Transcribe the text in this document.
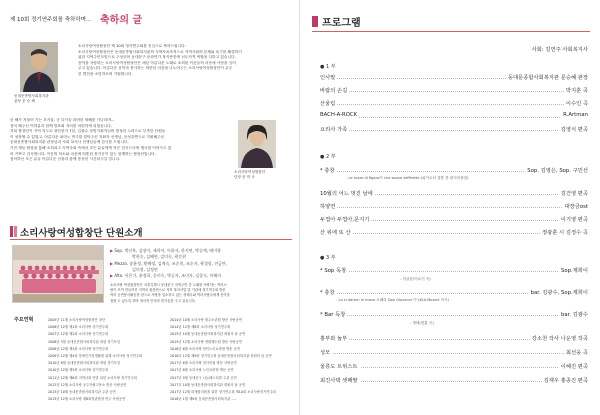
제 10회 정기연주회를 축하하며... 축하의 글
동대문종합사회복지관
관장 문 승 혜
소리사랑여성합창단 제 10회 정기연주회를 진심으로 축하드립니다.
소리사랑여성합창단은 동대문종합사회복지관의 지역자치조직으로 지역사회의 문제와 욕구를 해결하기
위한 지역주민모임으로 구성되어 동대문구 문화여가 복지증진에 선도자적 역할을 다하고 있습니다.
음악을 사랑하는 소리사랑여성합창단은 매년 아름다운 노래로 소외된 이웃들의 마음에 사랑을 심어
주고 있습니다. 아름다운 음악과 봉사하는 따뜻한 마음을 나누어주는 소리사랑여성합창단이 무궁
한 발전을 소망하오며 기원합니다.
한 해가 저물어 가는 초겨울, 곧 다가올 화려한 새해를 기다리며...
참석 해주신 여러분과 함께 발표회 자리를 마련하게 되었습니다.
저희 합창단이 지역 지도로 창단된지 7년, 김광수 상임지휘자님의 열정과 노력으로 부족한 단원들
이 성장할 수 있었고, 아름다운 피아노 반주를 맡아주신 지휘자 선생님, 음성강연으로 지원해주신
동대문종합사회복지관 관장님과 사회 복지사 선생님들께 감사를 드립니다.
가진 재능 합창을 통해 소외되고 지역사회 속에서 모든 분들에게 작은 감사드리며 행사를 이어가고 있
어 기쁘고 감사합니다. 이웃의 미소와 마음에 따뜻한 봄기운이 있는 함께하는 합창단입니다.
참석하신 모든 분들 아름다운 선물과 함께 풍성한 시간되시길 빕니다.
소리사랑여성합창단
단장 문 미 숙
소리사랑여성합창단 단원소개
▶ Sop. 박선옥, 김정이, 제희이, 이윤자, 한지연, 박승예, 배미향
박현숙, 김혜연, 김미숙, 곽순현
▶ Mezzo. 송윤정, 황혜정, 김계숙, 조순희, 조순자, 곽경림, 전금란,
김미정, 김정연
▶ Alto. 이은기, 윤정희, 문미숙, 박승자, 조미자, 김종숙, 이혜자
소리사랑 여성합창단은 서울특별시 동대문구 지역주민 중 노래를 사랑하는 여러시
람이 모여 만들어진 지역의 합창단으로 지역 복지사업 및 기관에 정기연주회 방문
여러 공연봉사활동을 함으로 사랑을 입소하고 있는 정체우와 여러사람들에게 음악을
접할 수 있도록 하며 정서적 안정과 즐거움을 주고 있습니다.
주요연혁	2005년 11월 소리사랑여성합창단 창단
2006년 12월 제1회 소리사랑 정기연주회
2007년 12월 제2회 소리사랑 정기연주회
2008년 3월 동대문종합사회복지관 회원 정기모임
2008년 12월 제3회 소리사랑 정기연주회
2009년 12월 제4회 장애인가정생활팀 위해 소리사랑 정기연주회
2010년 6월 동대문종합사회복지관 회원 정기모임
2010년 12월 제5회 소리사랑 정기연주회
2011년 12월 제6회 지역사회 연말 위한 소리사랑 정기연주회
2012년 12월 소리사랑 공주자립고용소 방문 사랑공연
2013년 10월 동대문종합사회복지관 주관 공연
2013년 12월 소리사랑 제8회정관합창 연주 사랑공연
2014년 10월 소리사랑 합주소년원 방문 사랑공연
2014년 12월 제8회 소리사랑 정기연주회
2015년 10월 동대문종합사회복지관 회원의 날 공연
2015년 12월 소리사랑 양평해수원 방문 사랑공연
2016년 6월 소리사랑 한덕노인요양원 방문 공연
2016년 12월 제9회 정기연주회 동대문종합사회복지관 회원의 날 공연
2017년 6월 소리사랑 천사의집 방문 사랑공연
2017년 8월 소리사랑 노인요양원 방문 공연
2017년 9월 동대문구 나눔페스티벌 주관 공연
2017년 10월 동대문종합사회복지관 회원의 날 공연
2017년 12월 화개합리원을 위한 정기연주회 제10회 소리사랑정기연주회
2018년 1월 제9회 동대문종합사회복지관 .....
프로그램
사회: 김연주 사회복지사
● 1 부
인사말	동대문종합사회복지관 문승혜 관장
바람의 손길	박지훈 곡
산울림	이수인 곡
BACH-A-ROCK	R.Artman
요리사 가족	김영식 편곡
● 2 부
* 충창	Sop. 김영은, Sop. 구민선
- Le rozze di figaro中 che soave zeffiretto (피가로의 결혼 중 편지의중창)
10월의 어느 멋진 날에	김건영 편곡
하양연	대장금ost
두껍아 두껍아,문지기	이기영 편곡
산 위에 또 산	정광훈 시 김정수 곡
● 3 부
* Sop 독창	Sop.제희이
- 석굴암(이수인 곡)
* 충창	bar. 김광수, Sop.제희이
- La ci darem la mano 오페라 Don Giovanni 中 (W.A.Mozart 작곡)
* Bar 독창	bar. 김광수
- 명태(변훈 곡)
홍부와 놀부	강소천 작사 나운영 작곡
성모	최선웅 곡
울릉도 트위스트	이혜진 편곡
최진사댁 셋째딸	김재우 홍종진 편곡
